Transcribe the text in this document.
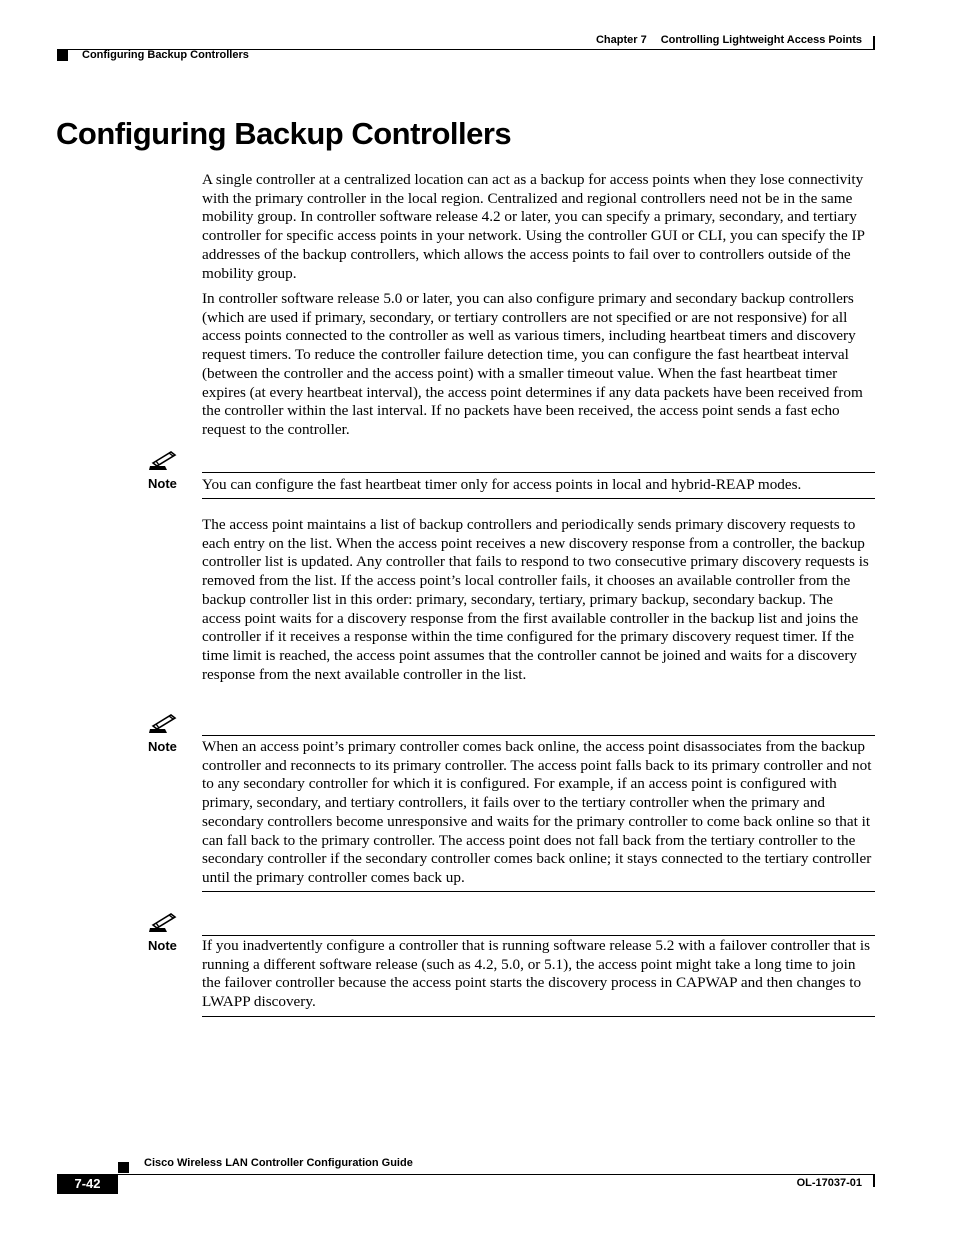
Chapter 7 Controlling Lightweight Access Points
Configuring Backup Controllers
Configuring Backup Controllers

A single controller at a centralized location can act as a backup for access points when they lose connectivity with the primary controller in the local region. Centralized and regional controllers need not be in the same mobility group. In controller software release 4.2 or later, you can specify a primary, secondary, and tertiary controller for specific access points in your network. Using the controller GUI or CLI, you can specify the IP addresses of the backup controllers, which allows the access points to fail over to controllers outside of the mobility group.

In controller software release 5.0 or later, you can also configure primary and secondary backup controllers (which are used if primary, secondary, or tertiary controllers are not specified or are not responsive) for all access points connected to the controller as well as various timers, including heartbeat timers and discovery request timers. To reduce the controller failure detection time, you can configure the fast heartbeat interval (between the controller and the access point) with a smaller timeout value. When the fast heartbeat timer expires (at every heartbeat interval), the access point determines if any data packets have been received from the controller within the last interval. If no packets have been received, the access point sends a fast echo request to the controller.

Note You can configure the fast heartbeat timer only for access points in local and hybrid-REAP modes.

The access point maintains a list of backup controllers and periodically sends primary discovery requests to each entry on the list. When the access point receives a new discovery response from a controller, the backup controller list is updated. Any controller that fails to respond to two consecutive primary discovery requests is removed from the list. If the access point’s local controller fails, it chooses an available controller from the backup controller list in this order: primary, secondary, tertiary, primary backup, secondary backup. The access point waits for a discovery response from the first available controller in the backup list and joins the controller if it receives a response within the time configured for the primary discovery request timer. If the time limit is reached, the access point assumes that the controller cannot be joined and waits for a discovery response from the next available controller in the list.

Note When an access point’s primary controller comes back online, the access point disassociates from the backup controller and reconnects to its primary controller. The access point falls back to its primary controller and not to any secondary controller for which it is configured. For example, if an access point is configured with primary, secondary, and tertiary controllers, it fails over to the tertiary controller when the primary and secondary controllers become unresponsive and waits for the primary controller to come back online so that it can fall back to the primary controller. The access point does not fall back from the tertiary controller to the secondary controller if the secondary controller comes back online; it stays connected to the tertiary controller until the primary controller comes back up.

Note If you inadvertently configure a controller that is running software release 5.2 with a failover controller that is running a different software release (such as 4.2, 5.0, or 5.1), the access point might take a long time to join the failover controller because the access point starts the discovery process in CAPWAP and then changes to LWAPP discovery.

Cisco Wireless LAN Controller Configuration Guide
7-42	OL-17037-01
